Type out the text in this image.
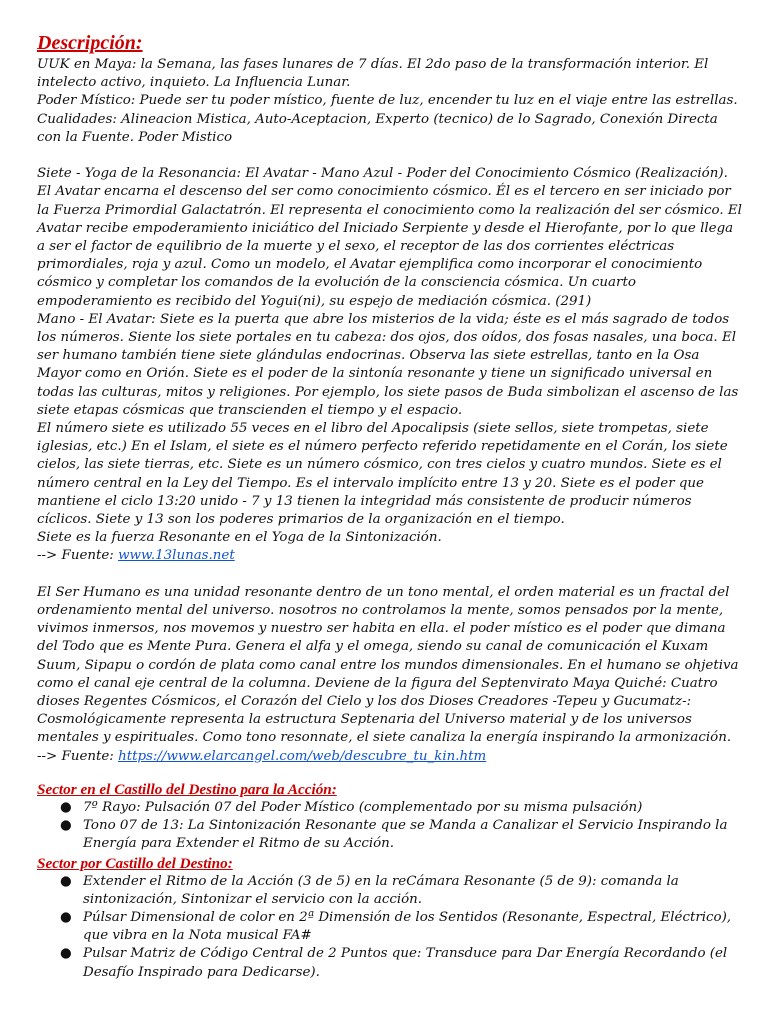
Descripción:

UUK en Maya: la Semana, las fases lunares de 7 días. El 2do paso de la transformación interior. El intelecto activo, inquieto. La Influencia Lunar.

Poder Místico: Puede ser tu poder místico, fuente de luz, encender tu luz en el viaje entre las estrellas.

Cualidades: Alineacion Mistica, Auto-Aceptacion, Experto (tecnico) de lo Sagrado, Conexión Directa con la Fuente. Poder Mistico

Siete - Yoga de la Resonancia: El Avatar - Mano Azul - Poder del Conocimiento Cósmico (Realización). El Avatar encarna el descenso del ser como conocimiento cósmico. Él es el tercero en ser iniciado por la Fuerza Primordial Galactatrón. El representa el conocimiento como la realización del ser cósmico. El Avatar recibe empoderamiento iniciático del Iniciado Serpiente y desde el Hierofante, por lo que llega a ser el factor de equilibrio de la muerte y el sexo, el receptor de las dos corrientes eléctricas primordiales, roja y azul. Como un modelo, el Avatar ejemplifica como incorporar el conocimiento cósmico y completar los comandos de la evolución de la consciencia cósmica. Un cuarto empoderamiento es recibido del Yogui(ni), su espejo de mediación cósmica. (291)

Mano - El Avatar: Siete es la puerta que abre los misterios de la vida; éste es el más sagrado de todos los números. Siente los siete portales en tu cabeza: dos ojos, dos oídos, dos fosas nasales, una boca. El ser humano también tiene siete glándulas endocrinas. Observa las siete estrellas, tanto en la Osa Mayor como en Orión. Siete es el poder de la sintonía resonante y tiene un significado universal en todas las culturas, mitos y religiones. Por ejemplo, los siete pasos de Buda simbolizan el ascenso de las siete etapas cósmicas que transcienden el tiempo y el espacio.

El número siete es utilizado 55 veces en el libro del Apocalipsis (siete sellos, siete trompetas, siete iglesias, etc.) En el Islam, el siete es el número perfecto referido repetidamente en el Corán, los siete cielos, las siete tierras, etc. Siete es un número cósmico, con tres cielos y cuatro mundos. Siete es el número central en la Ley del Tiempo. Es el intervalo implícito entre 13 y 20. Siete es el poder que mantiene el ciclo 13:20 unido - 7 y 13 tienen la integridad más consistente de producir números cíclicos. Siete y 13 son los poderes primarios de la organización en el tiempo.

Siete es la fuerza Resonante en el Yoga de la Sintonización.

--> Fuente: www.13lunas.net

El Ser Humano es una unidad resonante dentro de un tono mental, el orden material es un fractal del ordenamiento mental del universo. nosotros no controlamos la mente, somos pensados por la mente, vivimos inmersos, nos movemos y nuestro ser habita en ella. el poder místico es el poder que dimana del Todo que es Mente Pura. Genera el alfa y el omega, siendo su canal de comunicación el Kuxam Suum, Sipapu o cordón de plata como canal entre los mundos dimensionales. En el humano se ohjetiva como el canal eje central de la columna. Deviene de la figura del Septenvirato Maya Quiché: Cuatro dioses Regentes Cósmicos, el Corazón del Cielo y los dos Dioses Creadores -Tepeu y Gucumatz-: Cosmológicamente representa la estructura Septenaria del Universo material y de los universos mentales y espirituales. Como tono resonnate, el siete canaliza la energía inspirando la armonización.

--> Fuente: https://www.elarcangel.com/web/descubre_tu_kin.htm

Sector en el Castillo del Destino para la Acción:
● 7º Rayo: Pulsación 07 del Poder Místico (complementado por su misma pulsación)
● Tono 07 de 13: La Sintonización Resonante que se Manda a Canalizar el Servicio Inspirando la Energía para Extender el Ritmo de su Acción.
Sector por Castillo del Destino:
● Extender el Ritmo de la Acción (3 de 5) en la reCámara Resonante (5 de 9): comanda la sintonización, Sintonizar el servicio con la acción.
● Púlsar Dimensional de color en 2ª Dimensión de los Sentidos (Resonante, Espectral, Eléctrico), que vibra en la Nota musical FA#
● Pulsar Matriz de Código Central de 2 Puntos que: Transduce para Dar Energía Recordando (el Desafío Inspirado para Dedicarse).
